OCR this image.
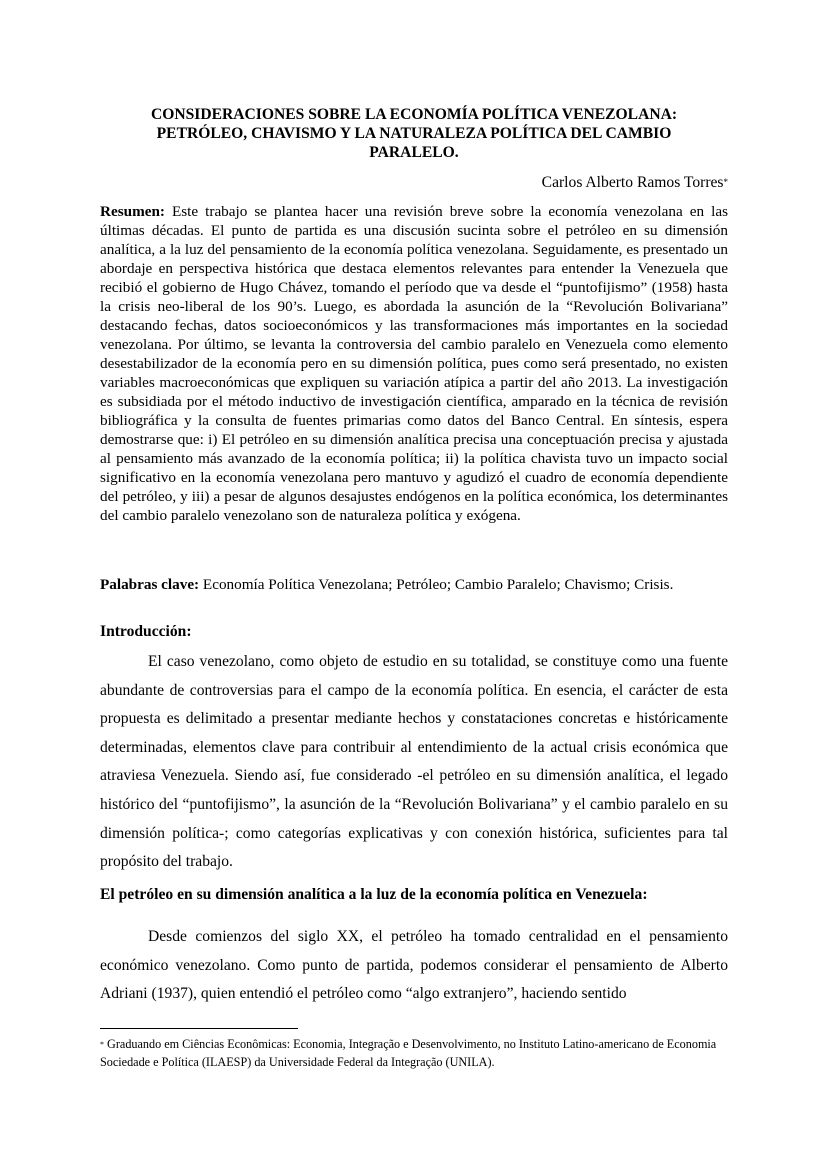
CONSIDERACIONES SOBRE LA ECONOMÍA POLÍTICA VENEZOLANA:
PETRÓLEO, CHAVISMO Y LA NATURALEZA POLÍTICA DEL CAMBIO
PARALELO.
Carlos Alberto Ramos Torres*
Resumen: Este trabajo se plantea hacer una revisión breve sobre la economía venezolana en las últimas décadas. El punto de partida es una discusión sucinta sobre el petróleo en su dimensión analítica, a la luz del pensamiento de la economía política venezolana. Seguidamente, es presentado un abordaje en perspectiva histórica que destaca elementos relevantes para entender la Venezuela que recibió el gobierno de Hugo Chávez, tomando el período que va desde el “puntofijismo” (1958) hasta la crisis neo-liberal de los 90’s. Luego, es abordada la asunción de la “Revolución Bolivariana” destacando fechas, datos socioeconómicos y las transformaciones más importantes en la sociedad venezolana. Por último, se levanta la controversia del cambio paralelo en Venezuela como elemento desestabilizador de la economía pero en su dimensión política, pues como será presentado, no existen variables macroeconómicas que expliquen su variación atípica a partir del año 2013. La investigación es subsidiada por el método inductivo de investigación científica, amparado en la técnica de revisión bibliográfica y la consulta de fuentes primarias como datos del Banco Central. En síntesis, espera demostrarse que: i) El petróleo en su dimensión analítica precisa una conceptuación precisa y ajustada al pensamiento más avanzado de la economía política; ii) la política chavista tuvo un impacto social significativo en la economía venezolana pero mantuvo y agudizó el cuadro de economía dependiente del petróleo, y iii) a pesar de algunos desajustes endógenos en la política económica, los determinantes del cambio paralelo venezolano son de naturaleza política y exógena.
Palabras clave: Economía Política Venezolana; Petróleo; Cambio Paralelo; Chavismo; Crisis.
Introducción:
El caso venezolano, como objeto de estudio en su totalidad, se constituye como una fuente abundante de controversias para el campo de la economía política. En esencia, el carácter de esta propuesta es delimitado a presentar mediante hechos y constataciones concretas e históricamente determinadas, elementos clave para contribuir al entendimiento de la actual crisis económica que atraviesa Venezuela. Siendo así, fue considerado -el petróleo en su dimensión analítica, el legado histórico del “puntofijismo”, la asunción de la “Revolución Bolivariana” y el cambio paralelo en su dimensión política-; como categorías explicativas y con conexión histórica, suficientes para tal propósito del trabajo.
El petróleo en su dimensión analítica a la luz de la economía política en Venezuela:
Desde comienzos del siglo XX, el petróleo ha tomado centralidad en el pensamiento económico venezolano. Como punto de partida, podemos considerar el pensamiento de Alberto Adriani (1937), quien entendió el petróleo como “algo extranjero”, haciendo sentido
* Graduando em Ciências Econômicas: Economia, Integração e Desenvolvimento, no Instituto Latino-americano de Economia Sociedade e Política (ILAESP) da Universidade Federal da Integração (UNILA).
